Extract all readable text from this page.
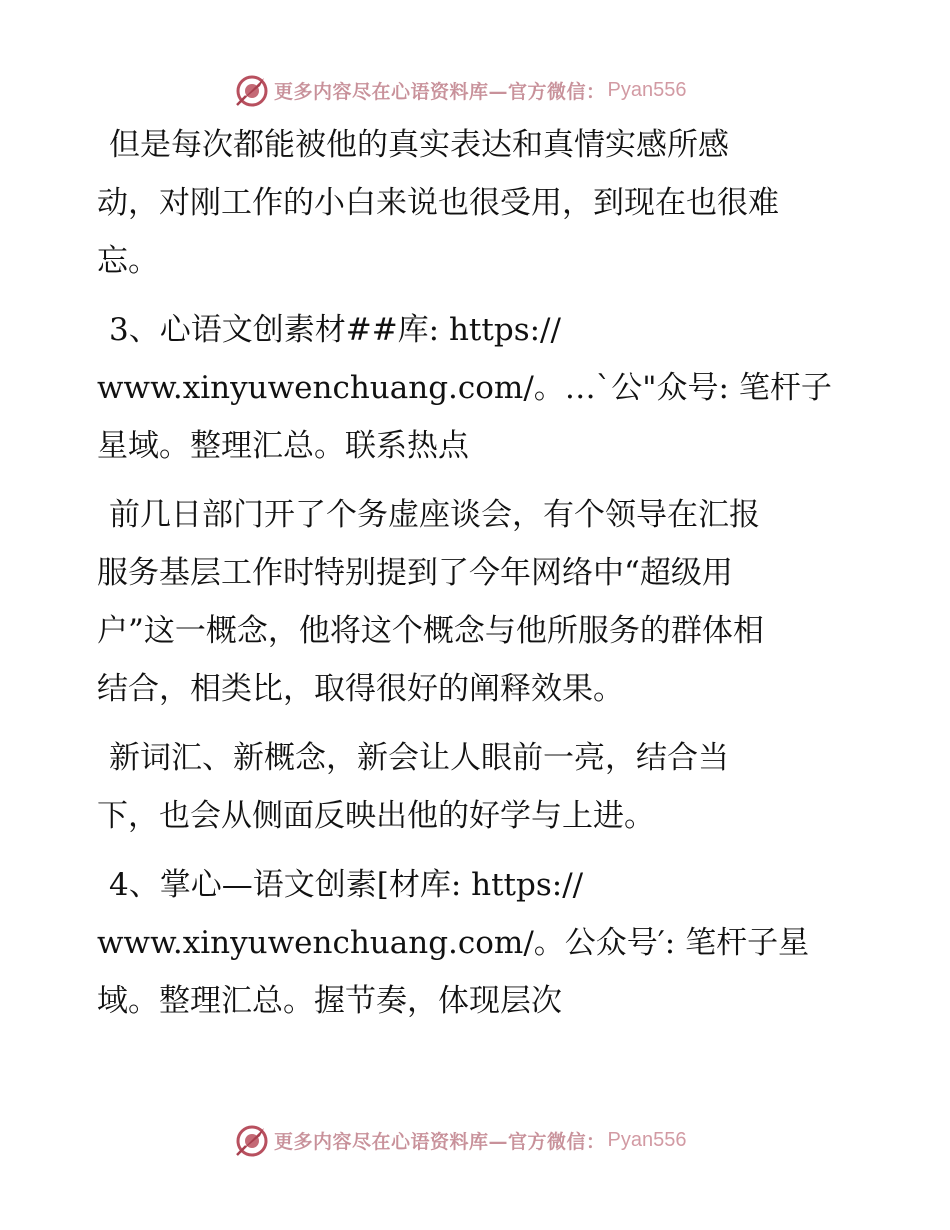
更多内容尽在心语资料库—官方微信： Pyan556

但是每次都能被他的真实表达和真情实感所感
动，对刚工作的小白来说也很受用，到现在也很难
忘。

3、心语文创素材##库: https://
www.xinyuwenchuang.com/。…`公"众号: 笔杆子
星域。整理汇总。联系热点

前几日部门开了个务虚座谈会，有个领导在汇报
服务基层工作时特别提到了今年网络中“超级用
户”这一概念，他将这个概念与他所服务的群体相
结合，相类比，取得很好的阐释效果。

新词汇、新概念，新会让人眼前一亮，结合当
下，也会从侧面反映出他的好学与上进。

4、掌心—语文创素[材库: https://
www.xinyuwenchuang.com/。公众号′: 笔杆子星
域。整理汇总。握节奏，体现层次

更多内容尽在心语资料库—官方微信： Pyan556
